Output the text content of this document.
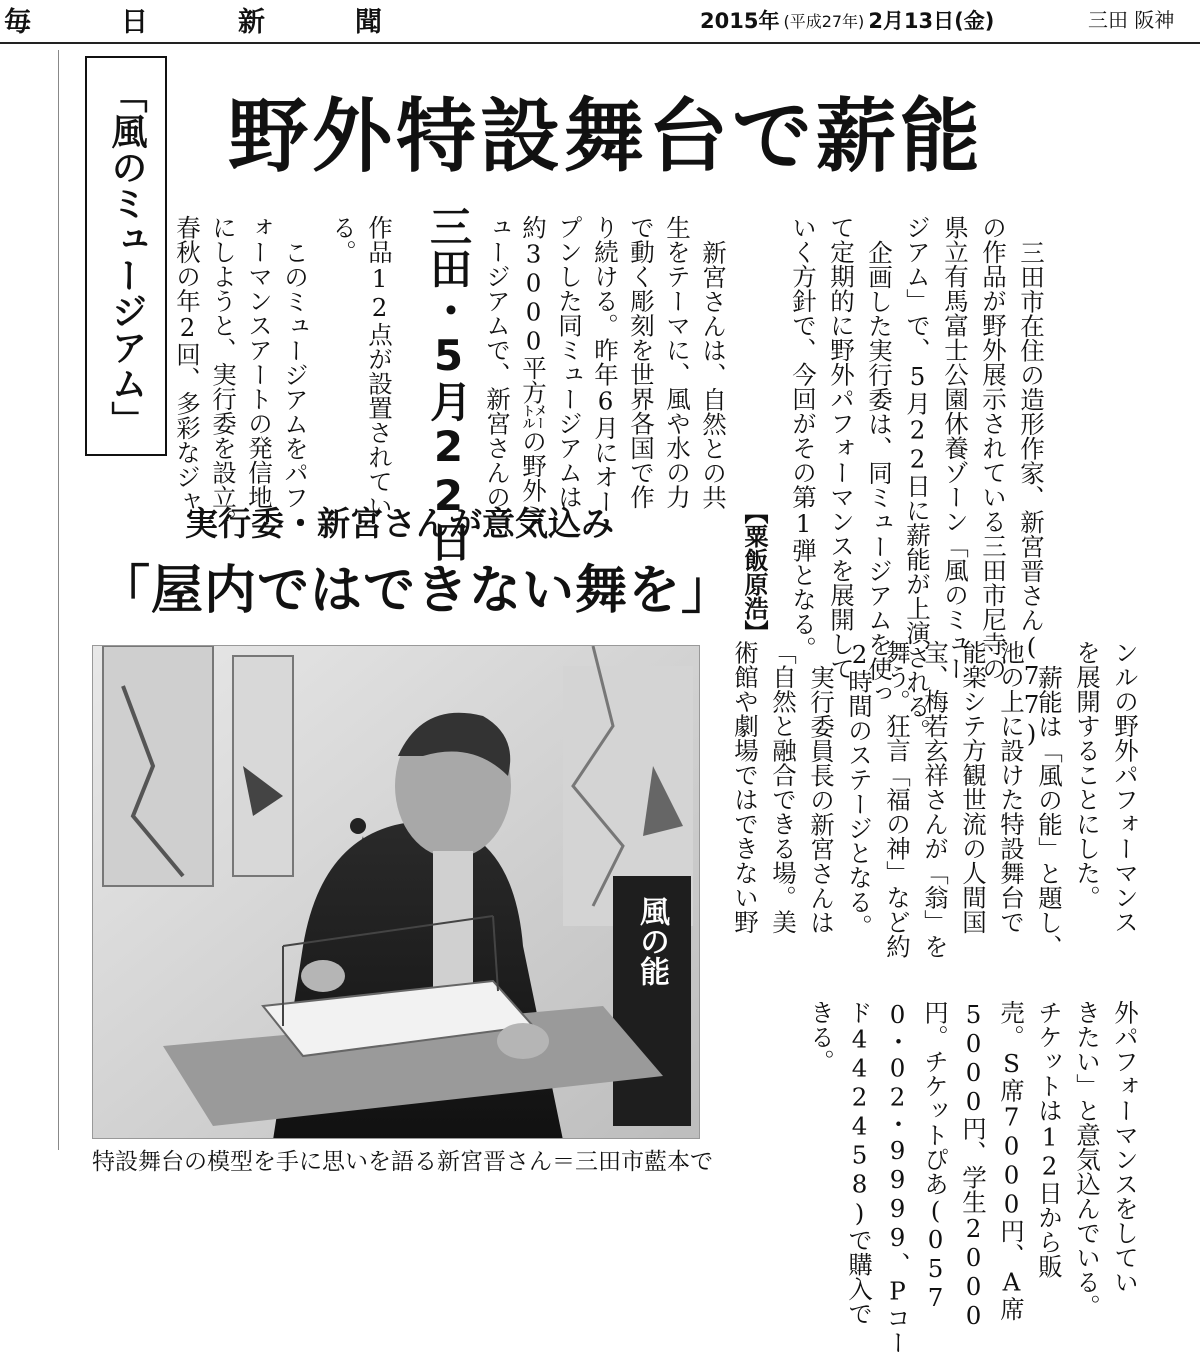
毎	日	新	聞	2015年 (平成27年) 2月13日(金)	三田 阪神
「風のミュージアム」 野外特設舞台で薪能
三田・5月22日
実行委・新宮さんが意気込み
「屋内ではできない舞を」	三田市在住の造形作家、新宮晋さん(77)
の作品が野外展示されている三田市尼寺の
県立有馬富士公園休養ゾーン「風のミュー
ジアム」で、5月22日に薪能が上演される。
企画した実行委は、同ミュージアムを使っ
て定期的に野外パフォーマンスを展開して
いく方針で、今回がその第1弾となる。
【粟飯原浩】
新宮さんは、自然との共
生をテーマに、風や水の力
で動く彫刻を世界各国で作
り続ける。昨年6月にオー
プンした同ミュージアムは
約3000平方㍍の野外ミ
ュージアムで、新宮さんの
作品12点が設置されてい
る。
このミュージアムをパフ
ォーマンスアートの発信地
にしようと、実行委を設立。
春秋の年2回、多彩なジャ
ンルの野外パフォーマンス
を展開することにした。
薪能は「風の能」と題し、
池の上に設けた特設舞台で
能楽シテ方観世流の人間国
宝、梅若玄祥さんが「翁」を
舞う。狂言「福の神」など約
2時間のステージとなる。
実行委員長の新宮さんは
「自然と融合できる場。美
術館や劇場ではできない野
外パフォーマンスをしてい
きたい」と意気込んでいる。
チケットは12日から販
売。S席7000円、A席
5000円、学生2000
円。チケットぴあ(057
0・02・9999、Pコー
ド442458)で購入で
きる。
風の能
特設舞台の模型を手に思いを語る新宮晋さん＝三田市藍本で
